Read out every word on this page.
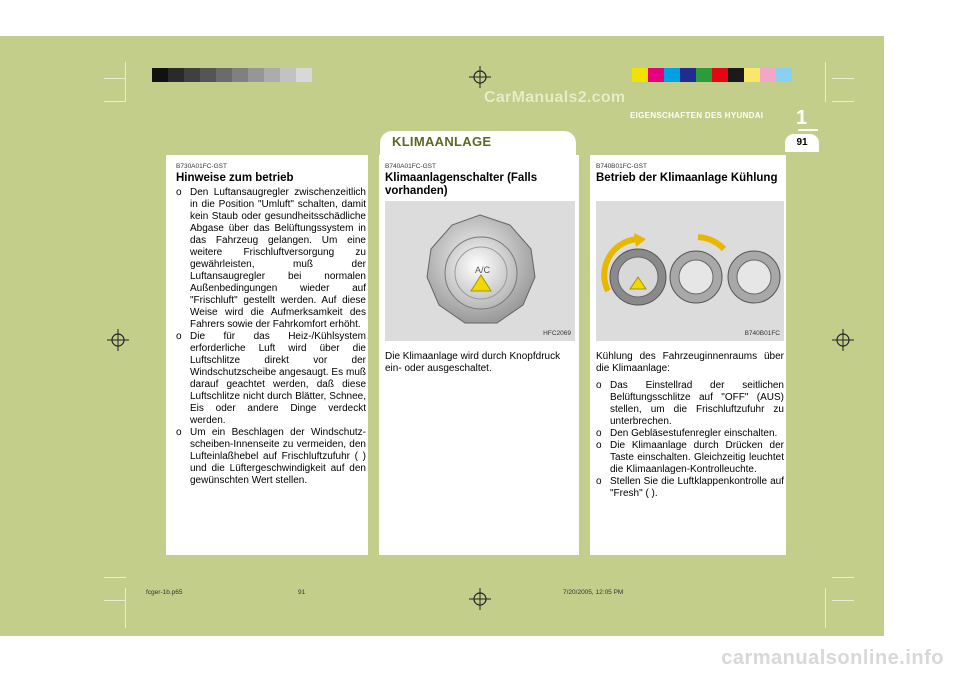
CarManuals2.com
1
EIGENSCHAFTEN DES HYUNDAI
KLIMAANLAGE	91
B730A01FC-GST
Hinweise zum betrieb
o Den Luftansaugregler zwischenzeitlich in die Position "Umluft" schalten, damit kein Staub oder gesundheitsschädliche Abgase über das Belüftungssystem in das Fahrzeug gelangen. Um eine weitere Frischluftversorgung zu gewährleisten, muß der Luftansaugregler bei normalen Außenbedingungen wieder auf "Frischluft" gestellt werden. Auf diese Weise wird die Aufmerksamkeit des Fahrers sowie der Fahrkomfort erhöht.
o Die für das Heiz-/Kühlsystem erforderliche Luft wird über die Luftschlitze direkt vor der Windschutzscheibe angesaugt. Es muß darauf geachtet werden, daß diese Luftschlitze nicht durch Blätter, Schnee, Eis oder andere Dinge verdeckt werden.
o Um ein Beschlagen der Windschutz-scheiben-Innenseite zu vermeiden, den Lufteinlaßhebel auf Frischluftzufuhr ( ) und die Lüftergeschwindigkeit auf den gewünschten Wert stellen.
B740A01FC-GST
Klimaanlagenschalter (Falls vorhanden)
A/C
HFC2069
Die Klimaanlage wird durch Knopfdruck ein- oder ausgeschaltet.
B740B01FC-GST
Betrieb der Klimaanlage Kühlung
B740B01FC
Kühlung des Fahrzeuginnenraums über die Klimaanlage:
o Das Einstellrad der seitlichen Belüftungsschlitze auf "OFF" (AUS) stellen, um die Frischluftzufuhr zu unterbrechen.
o Den Gebläsestufenregler einschalten.
o Die Klimaanlage durch Drücken der Taste einschalten. Gleichzeitig leuchtet die Klimaanlagen-Kontrolleuchte.
o Stellen Sie die Luftklappenkontrolle auf "Fresh" ( ).
fcger-1b.p65	91	7/20/2005, 12:05 PM
carmanualsonline.info
